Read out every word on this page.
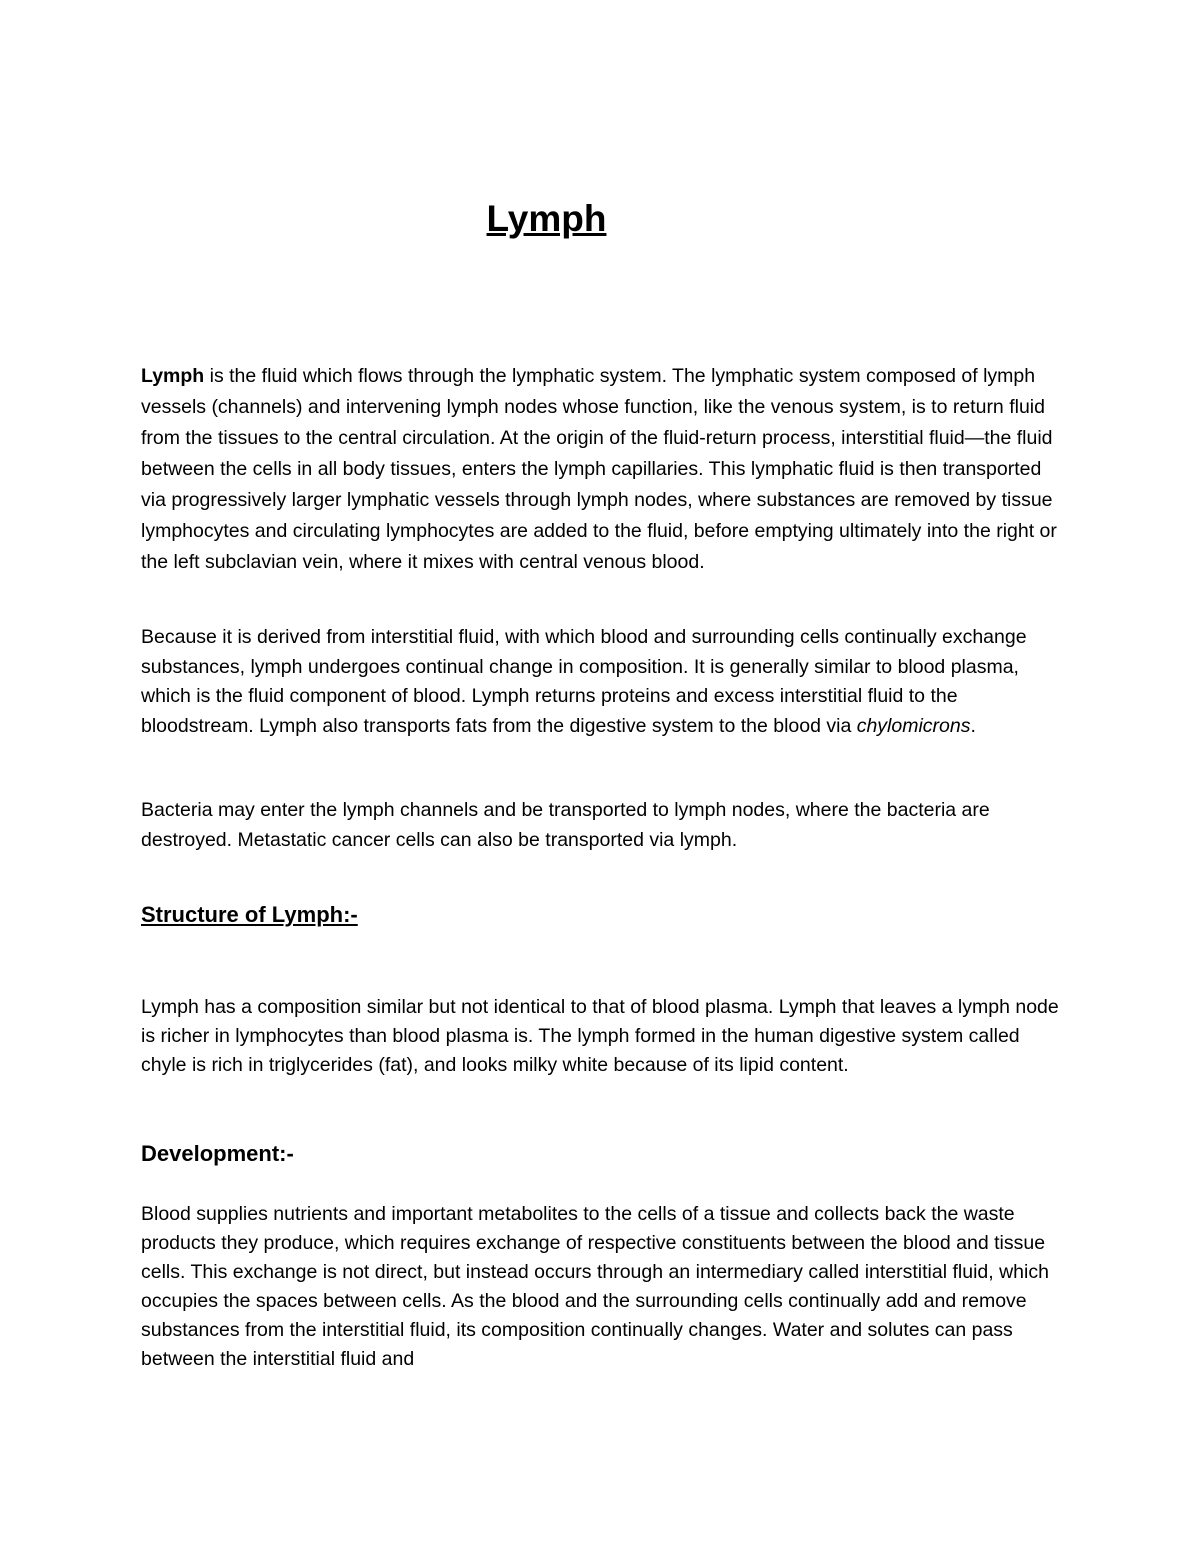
Lymph

Lymph is the fluid which flows through the lymphatic system. The lymphatic system composed of lymph vessels (channels) and intervening lymph nodes whose function, like the venous system, is to return fluid from the tissues to the central circulation. At the origin of the fluid-return process, interstitial fluid—the fluid between the cells in all body tissues, enters the lymph capillaries. This lymphatic fluid is then transported via progressively larger lymphatic vessels through lymph nodes, where substances are removed by tissue lymphocytes and circulating lymphocytes are added to the fluid, before emptying ultimately into the right or the left subclavian vein, where it mixes with central venous blood.

Because it is derived from interstitial fluid, with which blood and surrounding cells continually exchange substances, lymph undergoes continual change in composition. It is generally similar to blood plasma, which is the fluid component of blood. Lymph returns proteins and excess interstitial fluid to the bloodstream. Lymph also transports fats from the digestive system to the blood via chylomicrons.

Bacteria may enter the lymph channels and be transported to lymph nodes, where the bacteria are destroyed. Metastatic cancer cells can also be transported via lymph.

Structure of Lymph:-

Lymph has a composition similar but not identical to that of blood plasma. Lymph that leaves a lymph node is richer in lymphocytes than blood plasma is. The lymph formed in the human digestive system called chyle is rich in triglycerides (fat), and looks milky white because of its lipid content.

Development:-

Blood supplies nutrients and important metabolites to the cells of a tissue and collects back the waste products they produce, which requires exchange of respective constituents between the blood and tissue cells. This exchange is not direct, but instead occurs through an intermediary called interstitial fluid, which occupies the spaces between cells. As the blood and the surrounding cells continually add and remove substances from the interstitial fluid, its composition continually changes. Water and solutes can pass between the interstitial fluid and
